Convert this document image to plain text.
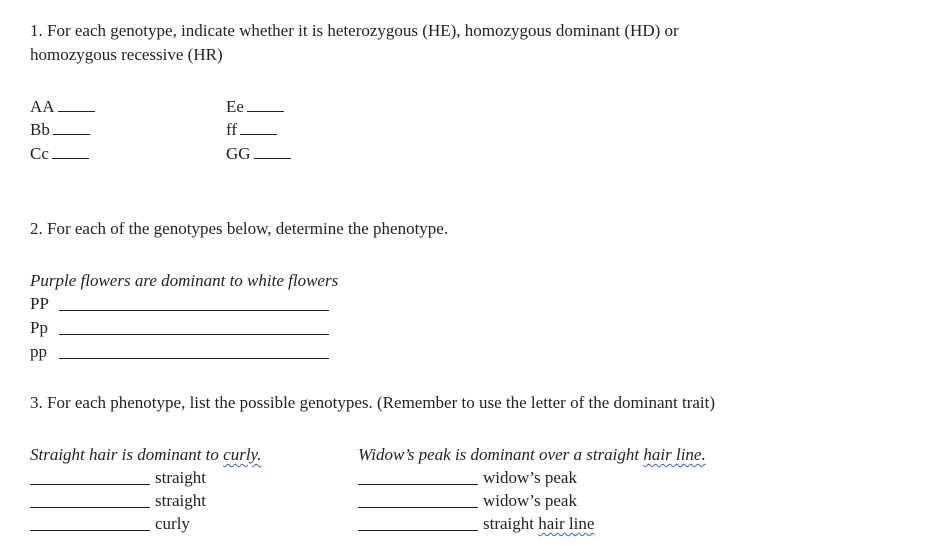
1. For each genotype, indicate whether it is heterozygous (HE), homozygous dominant (HD) or
homozygous recessive (HR)
AA
Bb
Cc
Ee
ff
GG
2. For each of the genotypes below, determine the phenotype.
Purple flowers are dominant to white flowers
PP
Pp
pp
3. For each phenotype, list the possible genotypes. (Remember to use the letter of the dominant trait)
Straight hair is dominant to curly.	Widow’s peak is dominant over a straight hair line.
straight
straight
curly
widow’s peak
widow’s peak
straight hair line
